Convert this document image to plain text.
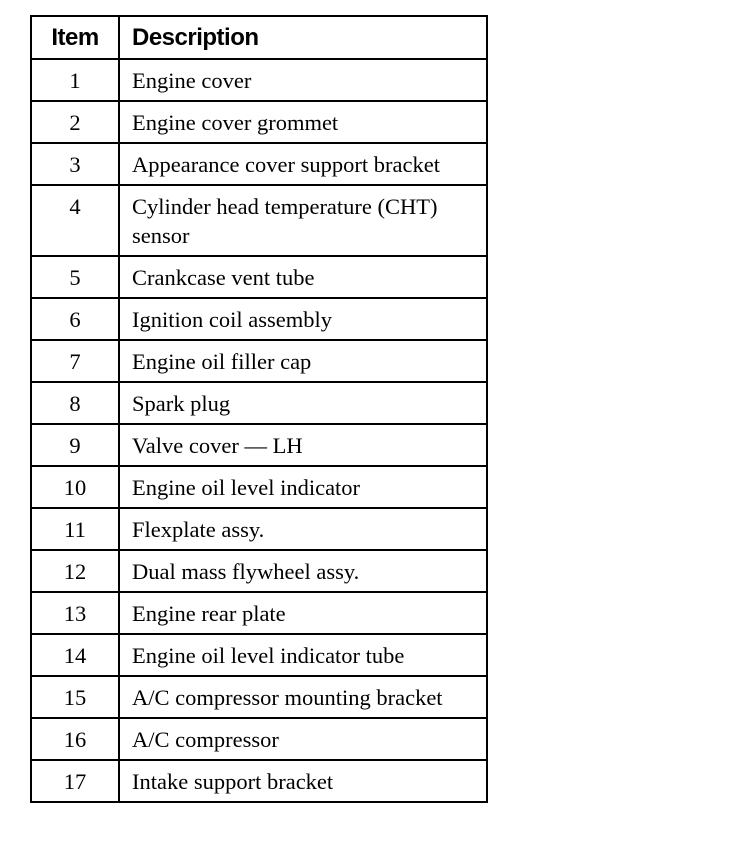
Item	Description
1	Engine cover
2	Engine cover grommet
3	Appearance cover support bracket
4	Cylinder head temperature (CHT) sensor
5	Crankcase vent tube
6	Ignition coil assembly
7	Engine oil filler cap
8	Spark plug
9	Valve cover — LH
10	Engine oil level indicator
11	Flexplate assy.
12	Dual mass flywheel assy.
13	Engine rear plate
14	Engine oil level indicator tube
15	A/C compressor mounting bracket
16	A/C compressor
17	Intake support bracket
